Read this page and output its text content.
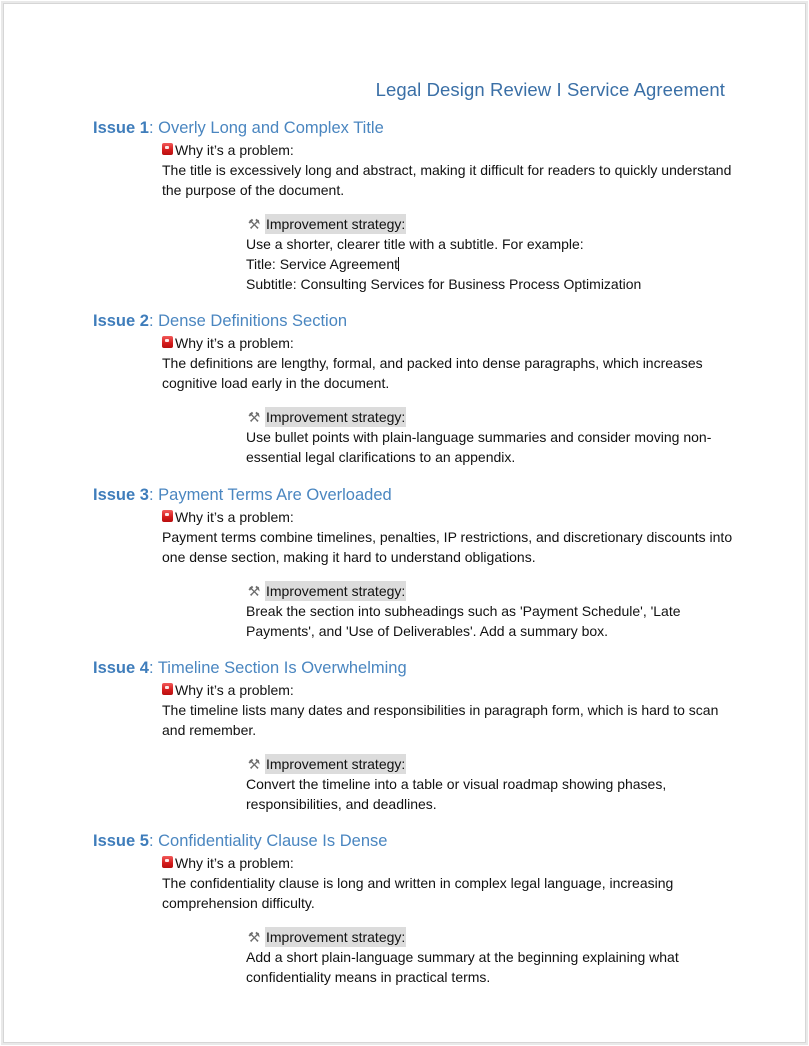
Legal Design Review I Service Agreement
Issue 1: Overly Long and Complex Title
Why it’s a problem:
The title is excessively long and abstract, making it difficult for readers to quickly understand the purpose of the document.
⚒ Improvement strategy:
Use a shorter, clearer title with a subtitle. For example:
Title: Service Agreement
Subtitle: Consulting Services for Business Process Optimization
Issue 2: Dense Definitions Section
Why it’s a problem:
The definitions are lengthy, formal, and packed into dense paragraphs, which increases cognitive load early in the document.
⚒ Improvement strategy:
Use bullet points with plain-language summaries and consider moving non-essential legal clarifications to an appendix.
Issue 3: Payment Terms Are Overloaded
Why it’s a problem:
Payment terms combine timelines, penalties, IP restrictions, and discretionary discounts into one dense section, making it hard to understand obligations.
⚒ Improvement strategy:
Break the section into subheadings such as 'Payment Schedule', 'Late Payments', and 'Use of Deliverables'. Add a summary box.
Issue 4: Timeline Section Is Overwhelming
Why it’s a problem:
The timeline lists many dates and responsibilities in paragraph form, which is hard to scan and remember.
⚒ Improvement strategy:
Convert the timeline into a table or visual roadmap showing phases, responsibilities, and deadlines.
Issue 5: Confidentiality Clause Is Dense
Why it’s a problem:
The confidentiality clause is long and written in complex legal language, increasing comprehension difficulty.
⚒ Improvement strategy:
Add a short plain-language summary at the beginning explaining what confidentiality means in practical terms.
